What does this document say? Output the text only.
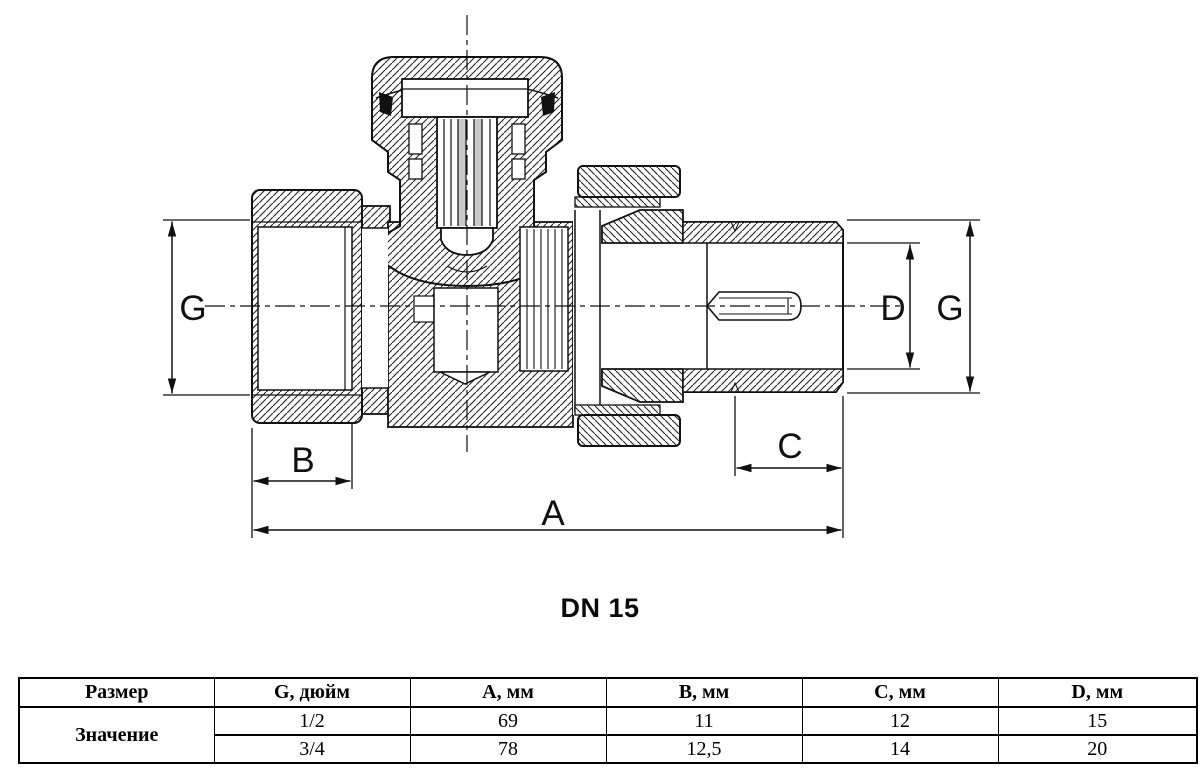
G
B
A
C
D G
DN 15
Размер	G, дюйм	A, мм	B, мм	C, мм	D, мм
Значение	1/2	69	11	12	15
	3/4	78	12,5	14	20
